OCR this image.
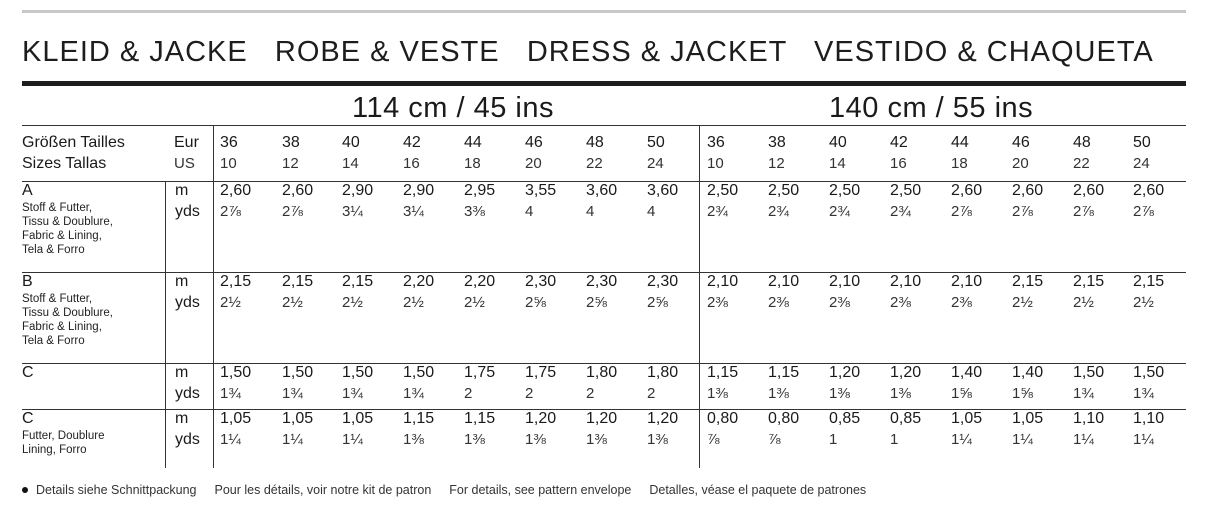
KLEID & JACKE   ROBE & VESTE   DRESS & JACKET   VESTIDO & CHAQUETA
114 cm / 45 ins	140 cm / 55 ins
Größen Tailles
Sizes Tallas
Eur
US
36
10
38
12
40
14
42
16
44
18
46
20
48
22
50
24
36
10
38
12
40
14
42
16
44
18
46
20
48
22
50
24
A
Stoff & Futter,
Tissu & Doublure,
Fabric & Lining,
Tela & Forro
m
yds
2,60
2⅞
2,60
2⅞
2,90
3¼
2,90
3¼
2,95
3⅜
3,55
4
3,60
4
3,60
4
2,50
2¾
2,50
2¾
2,50
2¾
2,50
2¾
2,60
2⅞
2,60
2⅞
2,60
2⅞
2,60
2⅞
B
Stoff & Futter,
Tissu & Doublure,
Fabric & Lining,
Tela & Forro
m
yds
2,15
2½
2,15
2½
2,15
2½
2,20
2½
2,20
2½
2,30
2⅝
2,30
2⅝
2,30
2⅝
2,10
2⅜
2,10
2⅜
2,10
2⅜
2,10
2⅜
2,10
2⅜
2,15
2½
2,15
2½
2,15
2½
C	m
yds
1,50
1¾
1,50
1¾
1,50
1¾
1,50
1¾
1,75
2
1,75
2
1,80
2
1,80
2
1,15
1⅜
1,15
1⅜
1,20
1⅜
1,20
1⅜
1,40
1⅝
1,40
1⅝
1,50
1¾
1,50
1¾
C
Futter, Doublure
Lining, Forro
m
yds
1,05
1¼
1,05
1¼
1,05
1¼
1,15
1⅜
1,15
1⅜
1,20
1⅜
1,20
1⅜
1,20
1⅜
0,80
⅞
0,80
⅞
0,85
1
0,85
1
1,05
1¼
1,05
1¼
1,10
1¼
1,10
1¼
Details siehe Schnittpackung Pour les détails, voir notre kit de patron For details, see pattern envelope Detalles, véase el paquete de patrones
